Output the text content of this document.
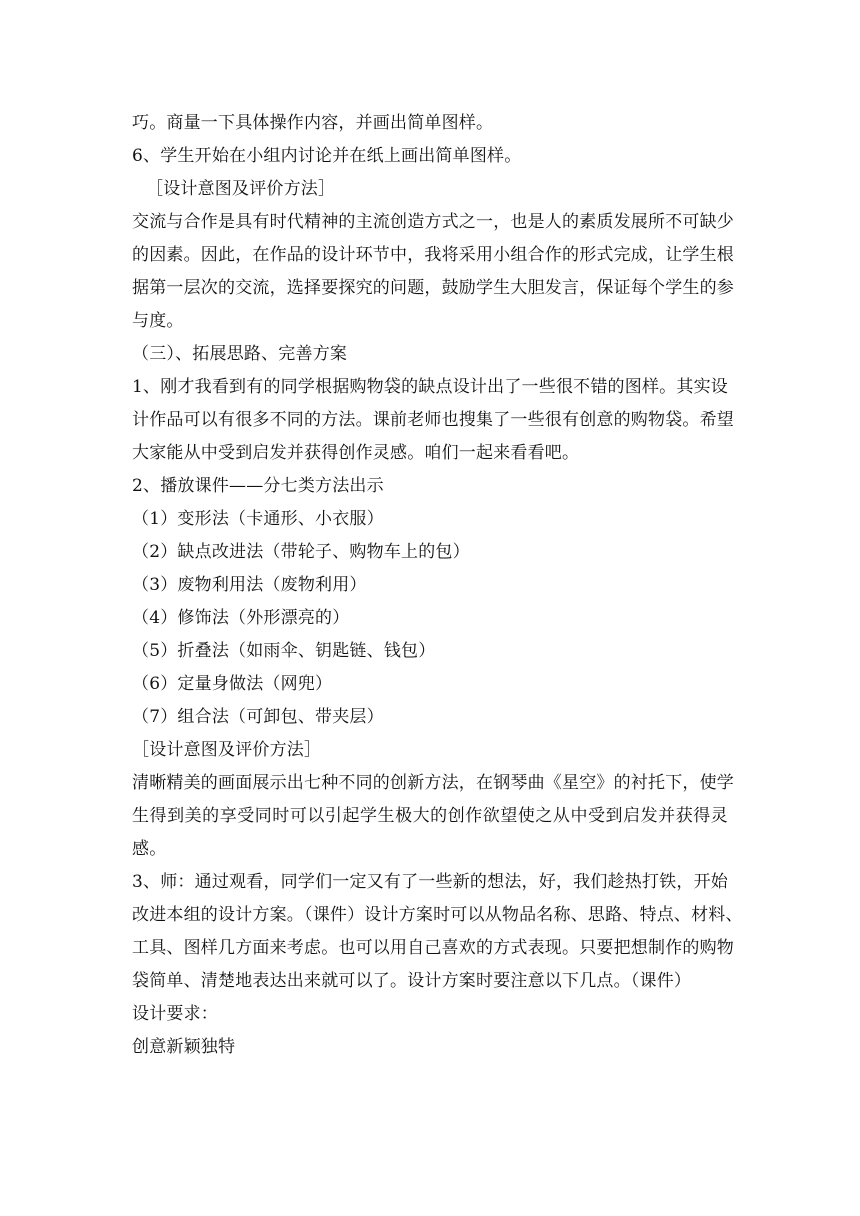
巧。商量一下具体操作内容，并画出简单图样。
6、学生开始在小组内讨论并在纸上画出简单图样。
［设计意图及评价方法］
交流与合作是具有时代精神的主流创造方式之一，也是人的素质发展所不可缺少
的因素。因此，在作品的设计环节中，我将采用小组合作的形式完成，让学生根
据第一层次的交流，选择要探究的问题，鼓励学生大胆发言，保证每个学生的参
与度。
（三）、拓展思路、完善方案
1、刚才我看到有的同学根据购物袋的缺点设计出了一些很不错的图样。其实设
计作品可以有很多不同的方法。课前老师也搜集了一些很有创意的购物袋。希望
大家能从中受到启发并获得创作灵感。咱们一起来看看吧。
2、播放课件——分七类方法出示
（1）变形法（卡通形、小衣服）
（2）缺点改进法（带轮子、购物车上的包）
（3）废物利用法（废物利用）
（4）修饰法（外形漂亮的）
（5）折叠法（如雨伞、钥匙链、钱包）
（6）定量身做法（网兜）
（7）组合法（可卸包、带夹层）
［设计意图及评价方法］
清晰精美的画面展示出七种不同的创新方法，在钢琴曲《星空》的衬托下，使学
生得到美的享受同时可以引起学生极大的创作欲望使之从中受到启发并获得灵
感。
3、师：通过观看，同学们一定又有了一些新的想法，好，我们趁热打铁，开始
改进本组的设计方案。（课件）设计方案时可以从物品名称、思路、特点、材料、
工具、图样几方面来考虑。也可以用自己喜欢的方式表现。只要把想制作的购物
袋简单、清楚地表达出来就可以了。设计方案时要注意以下几点。（课件）
设计要求：
创意新颖独特
